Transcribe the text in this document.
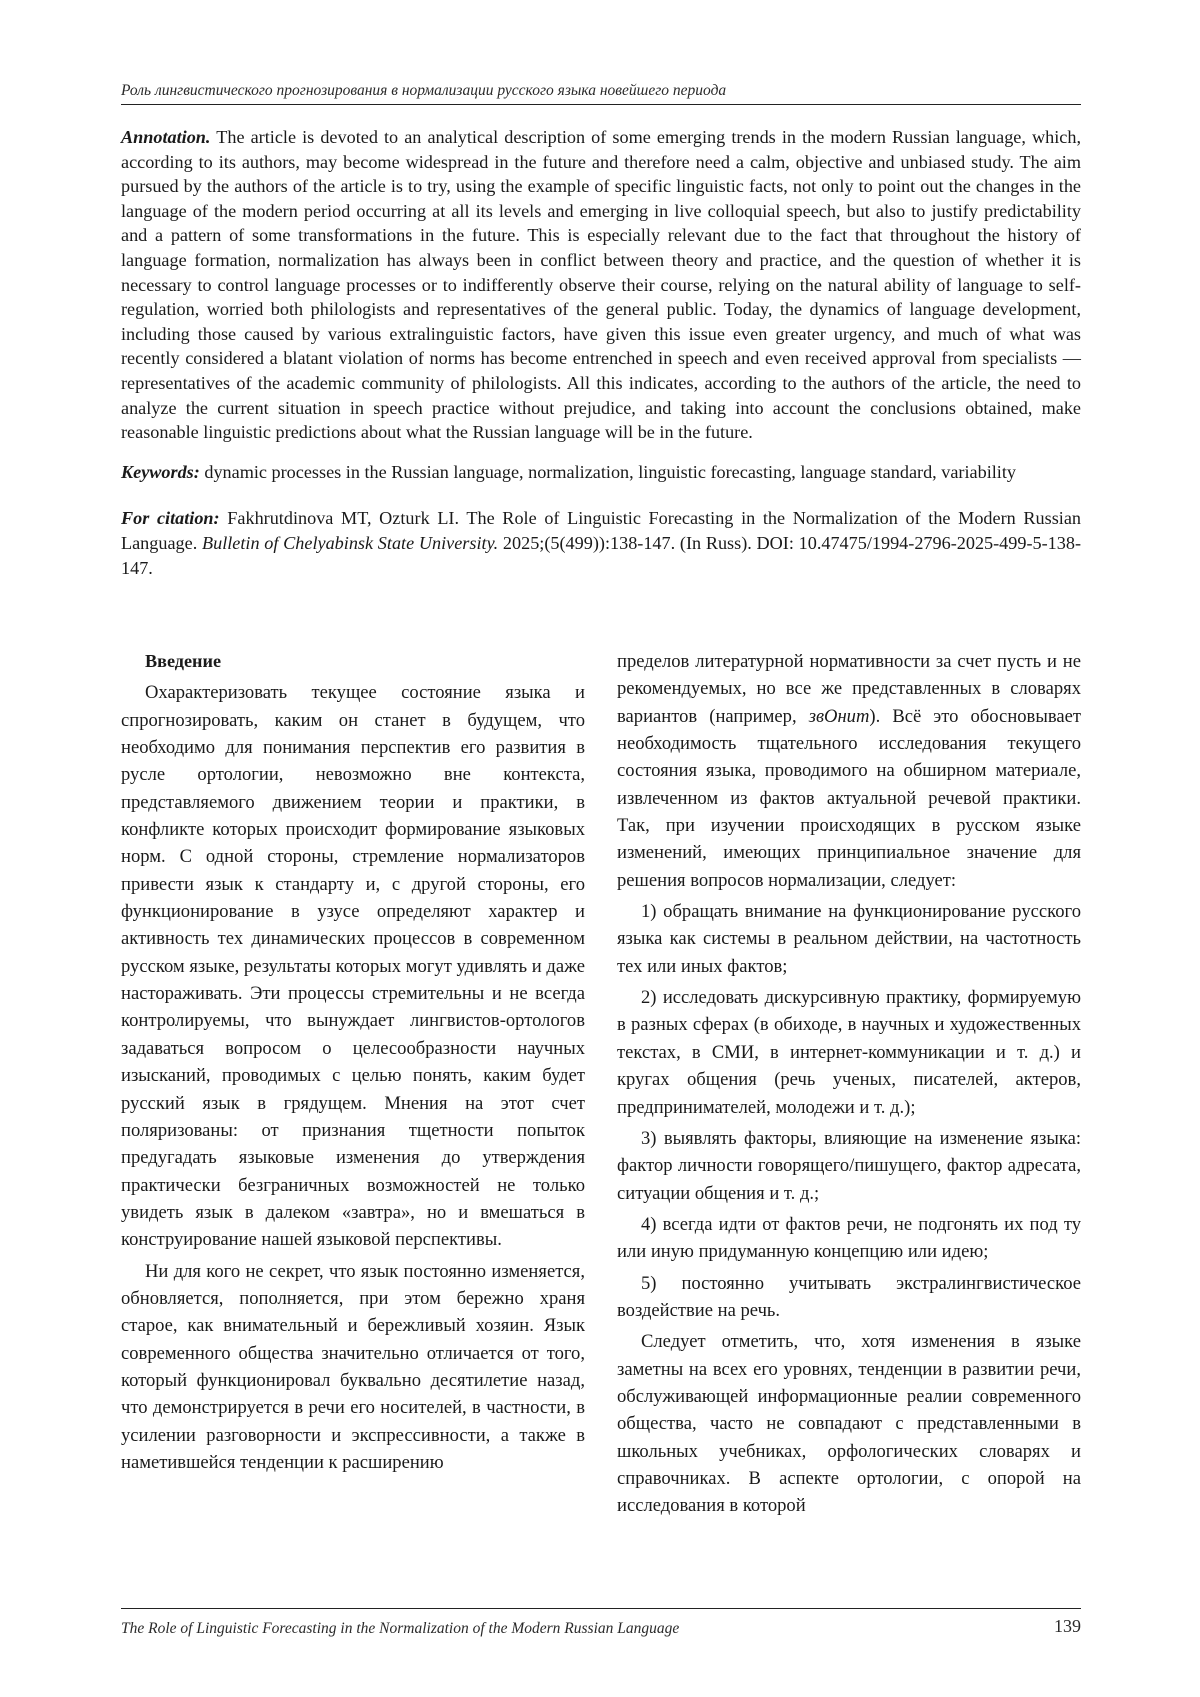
Роль лингвистического прогнозирования в нормализации русского языка новейшего периода

Annotation. The article is devoted to an analytical description of some emerging trends in the modern Russian language, which, according to its authors, may become widespread in the future and therefore need a calm, objective and unbiased study. The aim pursued by the authors of the article is to try, using the example of specific linguistic facts, not only to point out the changes in the language of the modern period occurring at all its levels and emerging in live colloquial speech, but also to justify predictability and a pattern of some transformations in the future. This is especially relevant due to the fact that throughout the history of language formation, normalization has always been in conflict between theory and practice, and the question of whether it is necessary to control language processes or to indifferently observe their course, relying on the natural ability of language to self-regulation, worried both philologists and representatives of the general public. Today, the dynamics of language development, including those caused by various extralinguistic factors, have given this issue even greater urgency, and much of what was recently considered a blatant violation of norms has become entrenched in speech and even received approval from specialists — representatives of the academic community of philologists. All this indicates, according to the authors of the article, the need to analyze the current situation in speech practice without prejudice, and taking into account the conclusions obtained, make reasonable linguistic predictions about what the Russian language will be in the future.

Keywords: dynamic processes in the Russian language, normalization, linguistic forecasting, language standard, variability

For citation: Fakhrutdinova MT, Ozturk LI. The Role of Linguistic Forecasting in the Normalization of the Modern Russian Language. Bulletin of Chelyabinsk State University. 2025;(5(499)):138-147. (In Russ). DOI: 10.47475/1994-2796-2025-499-5-138-147.

Введение

Охарактеризовать текущее состояние языка и спрогнозировать, каким он станет в будущем, что необходимо для понимания перспектив его развития в русле ортологии, невозможно вне контекста, представляемого движением теории и практики, в конфликте которых происходит формирование языковых норм. С одной стороны, стремление нормализаторов привести язык к стандарту и, с другой стороны, его функционирование в узусе определяют характер и активность тех динамических процессов в современном русском языке, результаты которых могут удивлять и даже настораживать. Эти процессы стремительны и не всегда контролируемы, что вынуждает лингвистов-ортологов задаваться вопросом о целесообразности научных изысканий, проводимых с целью понять, каким будет русский язык в грядущем. Мнения на этот счет поляризованы: от признания тщетности попыток предугадать языковые изменения до утверждения практически безграничных возможностей не только увидеть язык в далеком «завтра», но и вмешаться в конструирование нашей языковой перспективы.

Ни для кого не секрет, что язык постоянно изменяется, обновляется, пополняется, при этом бережно храня старое, как внимательный и бережливый хозяин. Язык современного общества значительно отличается от того, который функционировал буквально десятилетие назад, что демонстрируется в речи его носителей, в частности, в усилении разговорности и экспрессивности, а также в наметившейся тенденции к расширению

пределов литературной нормативности за счет пусть и не рекомендуемых, но все же представленных в словарях вариантов (например, звОнит). Всё это обосновывает необходимость тщательного исследования текущего состояния языка, проводимого на обширном материале, извлеченном из фактов актуальной речевой практики. Так, при изучении происходящих в русском языке изменений, имеющих принципиальное значение для решения вопросов нормализации, следует:

1) обращать внимание на функционирование русского языка как системы в реальном действии, на частотность тех или иных фактов;

2) исследовать дискурсивную практику, формируемую в разных сферах (в обиходе, в научных и художественных текстах, в СМИ, в интернет-коммуникации и т. д.) и кругах общения (речь ученых, писателей, актеров, предпринимателей, молодежи и т. д.);

3) выявлять факторы, влияющие на изменение языка: фактор личности говорящего/пишущего, фактор адресата, ситуации общения и т. д.;

4) всегда идти от фактов речи, не подгонять их под ту или иную придуманную концепцию или идею;

5) постоянно учитывать экстралингвистическое воздействие на речь.

Следует отметить, что, хотя изменения в языке заметны на всех его уровнях, тенденции в развитии речи, обслуживающей информационные реалии современного общества, часто не совпадают с представленными в школьных учебниках, орфологических словарях и справочниках. В аспекте ортологии, с опорой на исследования в которой

The Role of Linguistic Forecasting in the Normalization of the Modern Russian Language	139
